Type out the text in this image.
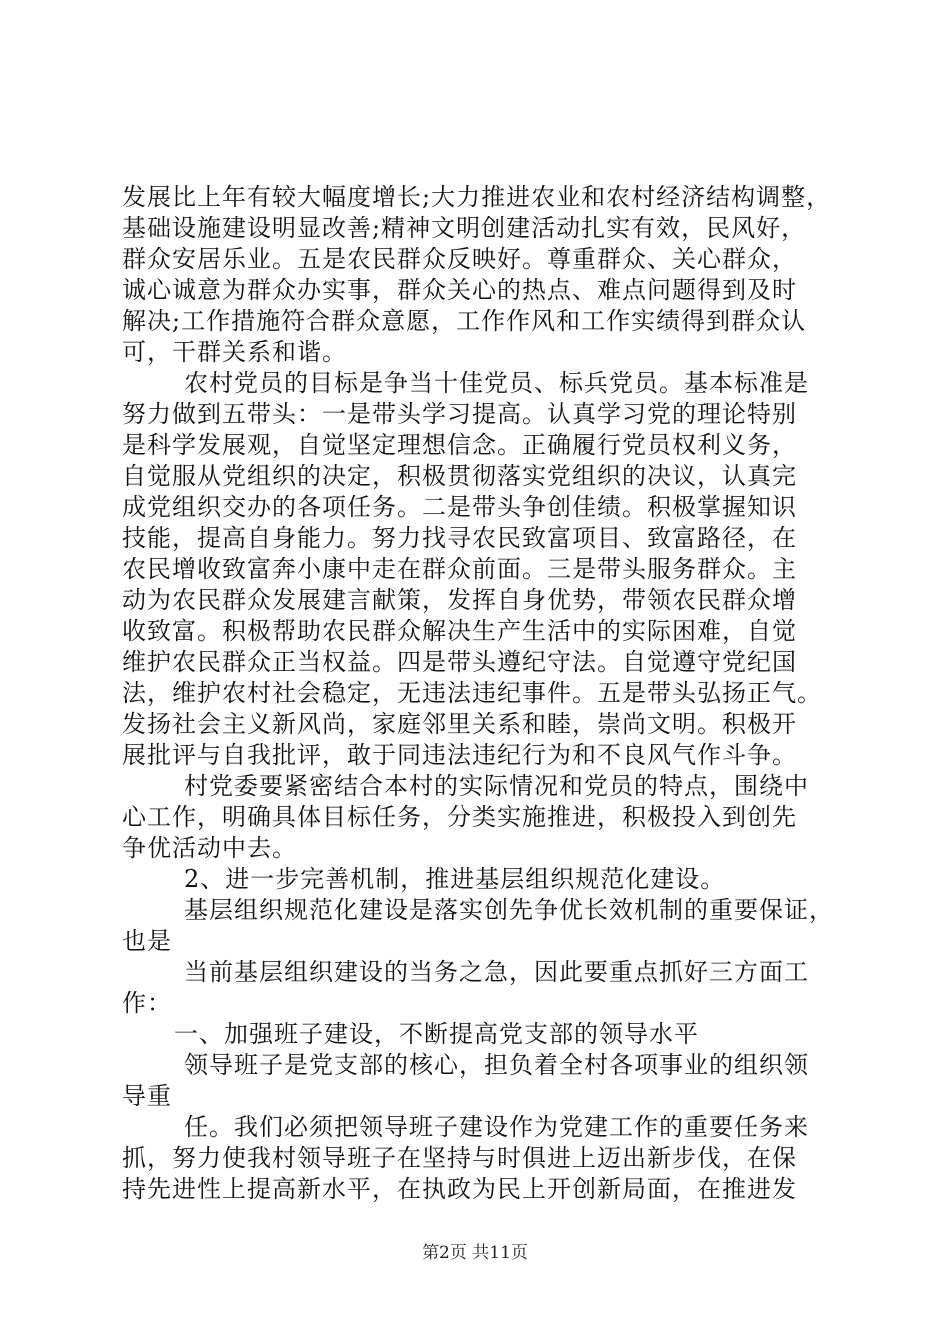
发展比上年有较大幅度增长;大力推进农业和农村经济结构调整，
基础设施建设明显改善;精神文明创建活动扎实有效，民风好，
群众安居乐业。五是农民群众反映好。尊重群众、关心群众，
诚心诚意为群众办实事，群众关心的热点、难点问题得到及时
解决;工作措施符合群众意愿，工作作风和工作实绩得到群众认
可，干群关系和谐。
农村党员的目标是争当十佳党员、标兵党员。基本标准是
努力做到五带头：一是带头学习提高。认真学习党的理论特别
是科学发展观，自觉坚定理想信念。正确履行党员权利义务，
自觉服从党组织的决定，积极贯彻落实党组织的决议，认真完
成党组织交办的各项任务。二是带头争创佳绩。积极掌握知识
技能，提高自身能力。努力找寻农民致富项目、致富路径，在
农民增收致富奔小康中走在群众前面。三是带头服务群众。主
动为农民群众发展建言献策，发挥自身优势，带领农民群众增
收致富。积极帮助农民群众解决生产生活中的实际困难，自觉
维护农民群众正当权益。四是带头遵纪守法。自觉遵守党纪国
法，维护农村社会稳定，无违法违纪事件。五是带头弘扬正气。
发扬社会主义新风尚，家庭邻里关系和睦，崇尚文明。积极开
展批评与自我批评，敢于同违法违纪行为和不良风气作斗争。
村党委要紧密结合本村的实际情况和党员的特点，围绕中
心工作，明确具体目标任务，分类实施推进，积极投入到创先
争优活动中去。
2、进一步完善机制，推进基层组织规范化建设。
基层组织规范化建设是落实创先争优长效机制的重要保证，
也是
当前基层组织建设的当务之急，因此要重点抓好三方面工
作：
一、加强班子建设，不断提高党支部的领导水平
领导班子是党支部的核心，担负着全村各项事业的组织领
导重
任。我们必须把领导班子建设作为党建工作的重要任务来
抓，努力使我村领导班子在坚持与时俱进上迈出新步伐，在保
持先进性上提高新水平，在执政为民上开创新局面，在推进发
第2页 共11页
